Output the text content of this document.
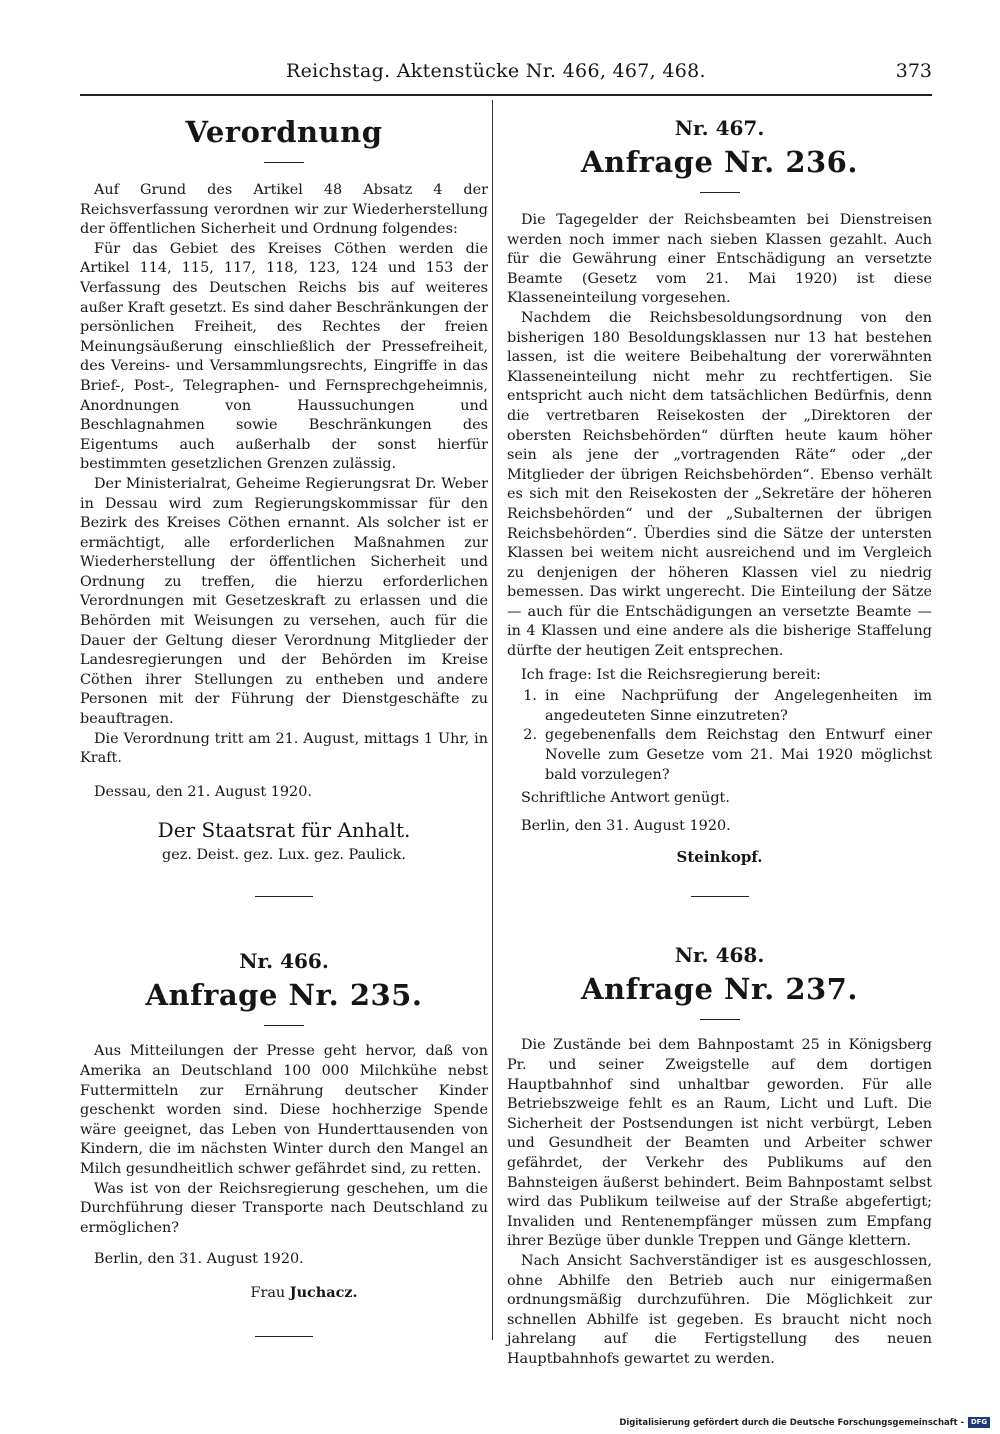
Reichstag. Aktenstücke Nr. 466, 467, 468.	373
Verordnung

Auf Grund des Artikel 48 Absatz 4 der Reichsverfassung verordnen wir zur Wiederherstellung der öffentlichen Sicherheit und Ordnung folgendes:

Für das Gebiet des Kreises Cöthen werden die Artikel 114, 115, 117, 118, 123, 124 und 153 der Verfassung des Deutschen Reichs bis auf weiteres außer Kraft gesetzt. Es sind daher Beschränkungen der persönlichen Freiheit, des Rechtes der freien Meinungsäußerung einschließlich der Pressefreiheit, des Vereins- und Versammlungsrechts, Eingriffe in das Brief-, Post-, Telegraphen- und Fernsprechgeheimnis, Anordnungen von Haussuchungen und Beschlagnahmen sowie Beschränkungen des Eigentums auch außerhalb der sonst hierfür bestimmten gesetzlichen Grenzen zulässig.

Der Ministerialrat, Geheime Regierungsrat Dr. Weber in Dessau wird zum Regierungskommissar für den Bezirk des Kreises Cöthen ernannt. Als solcher ist er ermächtigt, alle erforderlichen Maßnahmen zur Wiederherstellung der öffentlichen Sicherheit und Ordnung zu treffen, die hierzu erforderlichen Verordnungen mit Gesetzeskraft zu erlassen und die Behörden mit Weisungen zu versehen, auch für die Dauer der Geltung dieser Verordnung Mitglieder der Landesregierungen und der Behörden im Kreise Cöthen ihrer Stellungen zu entheben und andere Personen mit der Führung der Dienstgeschäfte zu beauftragen.

Die Verordnung tritt am 21. August, mittags 1 Uhr, in Kraft.

Dessau, den 21. August 1920.

Der Staatsrat für Anhalt.
gez. Deist. gez. Lux. gez. Paulick.
Nr. 466.
Anfrage Nr. 235.

Aus Mitteilungen der Presse geht hervor, daß von Amerika an Deutschland 100 000 Milchkühe nebst Futtermitteln zur Ernährung deutscher Kinder geschenkt worden sind. Diese hochherzige Spende wäre geeignet, das Leben von Hunderttausenden von Kindern, die im nächsten Winter durch den Mangel an Milch gesundheitlich schwer gefährdet sind, zu retten.

Was ist von der Reichsregierung geschehen, um die Durchführung dieser Transporte nach Deutschland zu ermöglichen?

Berlin, den 31. August 1920.

Frau Juchacz.
Nr. 467.
Anfrage Nr. 236.

Die Tagegelder der Reichsbeamten bei Dienstreisen werden noch immer nach sieben Klassen gezahlt. Auch für die Gewährung einer Entschädigung an versetzte Beamte (Gesetz vom 21. Mai 1920) ist diese Klasseneinteilung vorgesehen.

Nachdem die Reichsbesoldungsordnung von den bisherigen 180 Besoldungsklassen nur 13 hat bestehen lassen, ist die weitere Beibehaltung der vorerwähnten Klasseneinteilung nicht mehr zu rechtfertigen. Sie entspricht auch nicht dem tatsächlichen Bedürfnis, denn die vertretbaren Reisekosten der „Direktoren der obersten Reichsbehörden“ dürften heute kaum höher sein als jene der „vortragenden Räte“ oder „der Mitglieder der übrigen Reichsbehörden“. Ebenso verhält es sich mit den Reisekosten der „Sekretäre der höheren Reichsbehörden“ und der „Subalternen der übrigen Reichsbehörden“. Überdies sind die Sätze der untersten Klassen bei weitem nicht ausreichend und im Vergleich zu denjenigen der höheren Klassen viel zu niedrig bemessen. Das wirkt ungerecht. Die Einteilung der Sätze — auch für die Entschädigungen an versetzte Beamte — in 4 Klassen und eine andere als die bisherige Staffelung dürfte der heutigen Zeit entsprechen.

Ich frage: Ist die Reichsregierung bereit:

1. in eine Nachprüfung der Angelegenheiten im angedeuteten Sinne einzutreten?
2. gegebenenfalls dem Reichstag den Entwurf einer Novelle zum Gesetze vom 21. Mai 1920 möglichst bald vorzulegen?

Schriftliche Antwort genügt.

Berlin, den 31. August 1920.

Steinkopf.
Nr. 468.
Anfrage Nr. 237.

Die Zustände bei dem Bahnpostamt 25 in Königsberg Pr. und seiner Zweigstelle auf dem dortigen Hauptbahnhof sind unhaltbar geworden. Für alle Betriebszweige fehlt es an Raum, Licht und Luft. Die Sicherheit der Postsendungen ist nicht verbürgt, Leben und Gesundheit der Beamten und Arbeiter schwer gefährdet, der Verkehr des Publikums auf den Bahnsteigen äußerst behindert. Beim Bahnpostamt selbst wird das Publikum teilweise auf der Straße abgefertigt; Invaliden und Rentenempfänger müssen zum Empfang ihrer Bezüge über dunkle Treppen und Gänge klettern.

Nach Ansicht Sachverständiger ist es ausgeschlossen, ohne Abhilfe den Betrieb auch nur einigermaßen ordnungsmäßig durchzuführen. Die Möglichkeit zur schnellen Abhilfe ist gegeben. Es braucht nicht noch jahrelang auf die Fertigstellung des neuen Hauptbahnhofs gewartet zu werden.

Digitalisierung gefördert durch die Deutsche Forschungsgemeinschaft - DFG
